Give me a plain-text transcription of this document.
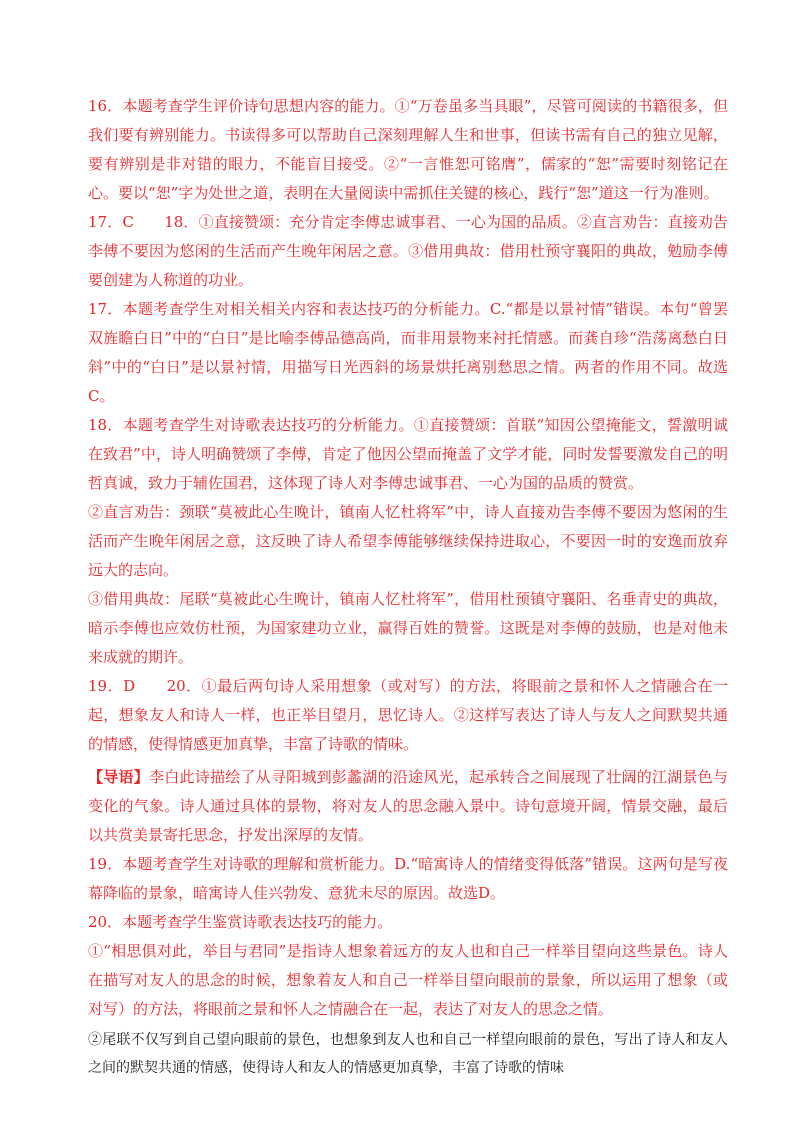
16．本题考查学生评价诗句思想内容的能力。①“万卷虽多当具眼”，尽管可阅读的书籍很多，但我们要有辨别能力。书读得多可以帮助自己深刻理解人生和世事，但读书需有自己的独立见解，要有辨别是非对错的眼力，不能盲目接受。②“一言惟恕可铭膺”，儒家的“恕”需要时刻铭记在心。要以“恕”字为处世之道，表明在大量阅读中需抓住关键的核心，践行“恕”道这一行为准则。

17．C　　18．①直接赞颂：充分肯定李傅忠诚事君、一心为国的品质。②直言劝告：直接劝告李傅不要因为悠闲的生活而产生晚年闲居之意。③借用典故：借用杜预守襄阳的典故，勉励李傅要创建为人称道的功业。

17．本题考查学生对相关相关内容和表达技巧的分析能力。C.“都是以景衬情”错误。本句“曾罢双旌瞻白日”中的“白日”是比喻李傅品德高尚，而非用景物来衬托情感。而龚自珍“浩荡离愁白日斜”中的“白日”是以景衬情，用描写日光西斜的场景烘托离别愁思之情。两者的作用不同。故选C。

18．本题考查学生对诗歌表达技巧的分析能力。①直接赞颂：首联“知因公望掩能文，誓激明诚在致君”中，诗人明确赞颂了李傅，肯定了他因公望而掩盖了文学才能，同时发誓要激发自己的明哲真诚，致力于辅佐国君，这体现了诗人对李傅忠诚事君、一心为国的品质的赞赏。

②直言劝告：颈联“莫被此心生晚计，镇南人忆杜将军”中，诗人直接劝告李傅不要因为悠闲的生活而产生晚年闲居之意，这反映了诗人希望李傅能够继续保持进取心，不要因一时的安逸而放弃远大的志向。

③借用典故：尾联“莫被此心生晚计，镇南人忆杜将军”，借用杜预镇守襄阳、名垂青史的典故，暗示李傅也应效仿杜预，为国家建功立业，赢得百姓的赞誉。这既是对李傅的鼓励，也是对他未来成就的期许。

19．D　　20．①最后两句诗人采用想象（或对写）的方法，将眼前之景和怀人之情融合在一起，想象友人和诗人一样，也正举目望月，思忆诗人。②这样写表达了诗人与友人之间默契共通的情感，使得情感更加真挚，丰富了诗歌的情味。

【导语】李白此诗描绘了从寻阳城到彭蠡湖的沿途风光，起承转合之间展现了壮阔的江湖景色与变化的气象。诗人通过具体的景物，将对友人的思念融入景中。诗句意境开阔，情景交融，最后以共赏美景寄托思念，抒发出深厚的友情。

19．本题考查学生对诗歌的理解和赏析能力。D.“暗寓诗人的情绪变得低落”错误。这两句是写夜幕降临的景象，暗寓诗人佳兴勃发、意犹未尽的原因。故选D。

20．本题考查学生鉴赏诗歌表达技巧的能力。

①“相思俱对此，举目与君同”是指诗人想象着远方的友人也和自己一样举目望向这些景色。诗人在描写对友人的思念的时候，想象着友人和自己一样举目望向眼前的景象，所以运用了想象（或对写）的方法，将眼前之景和怀人之情融合在一起，表达了对友人的思念之情。

②尾联不仅写到自己望向眼前的景色，也想象到友人也和自己一样望向眼前的景色，写出了诗人和友人之间的默契共通的情感，使得诗人和友人的情感更加真挚，丰富了诗歌的情味
